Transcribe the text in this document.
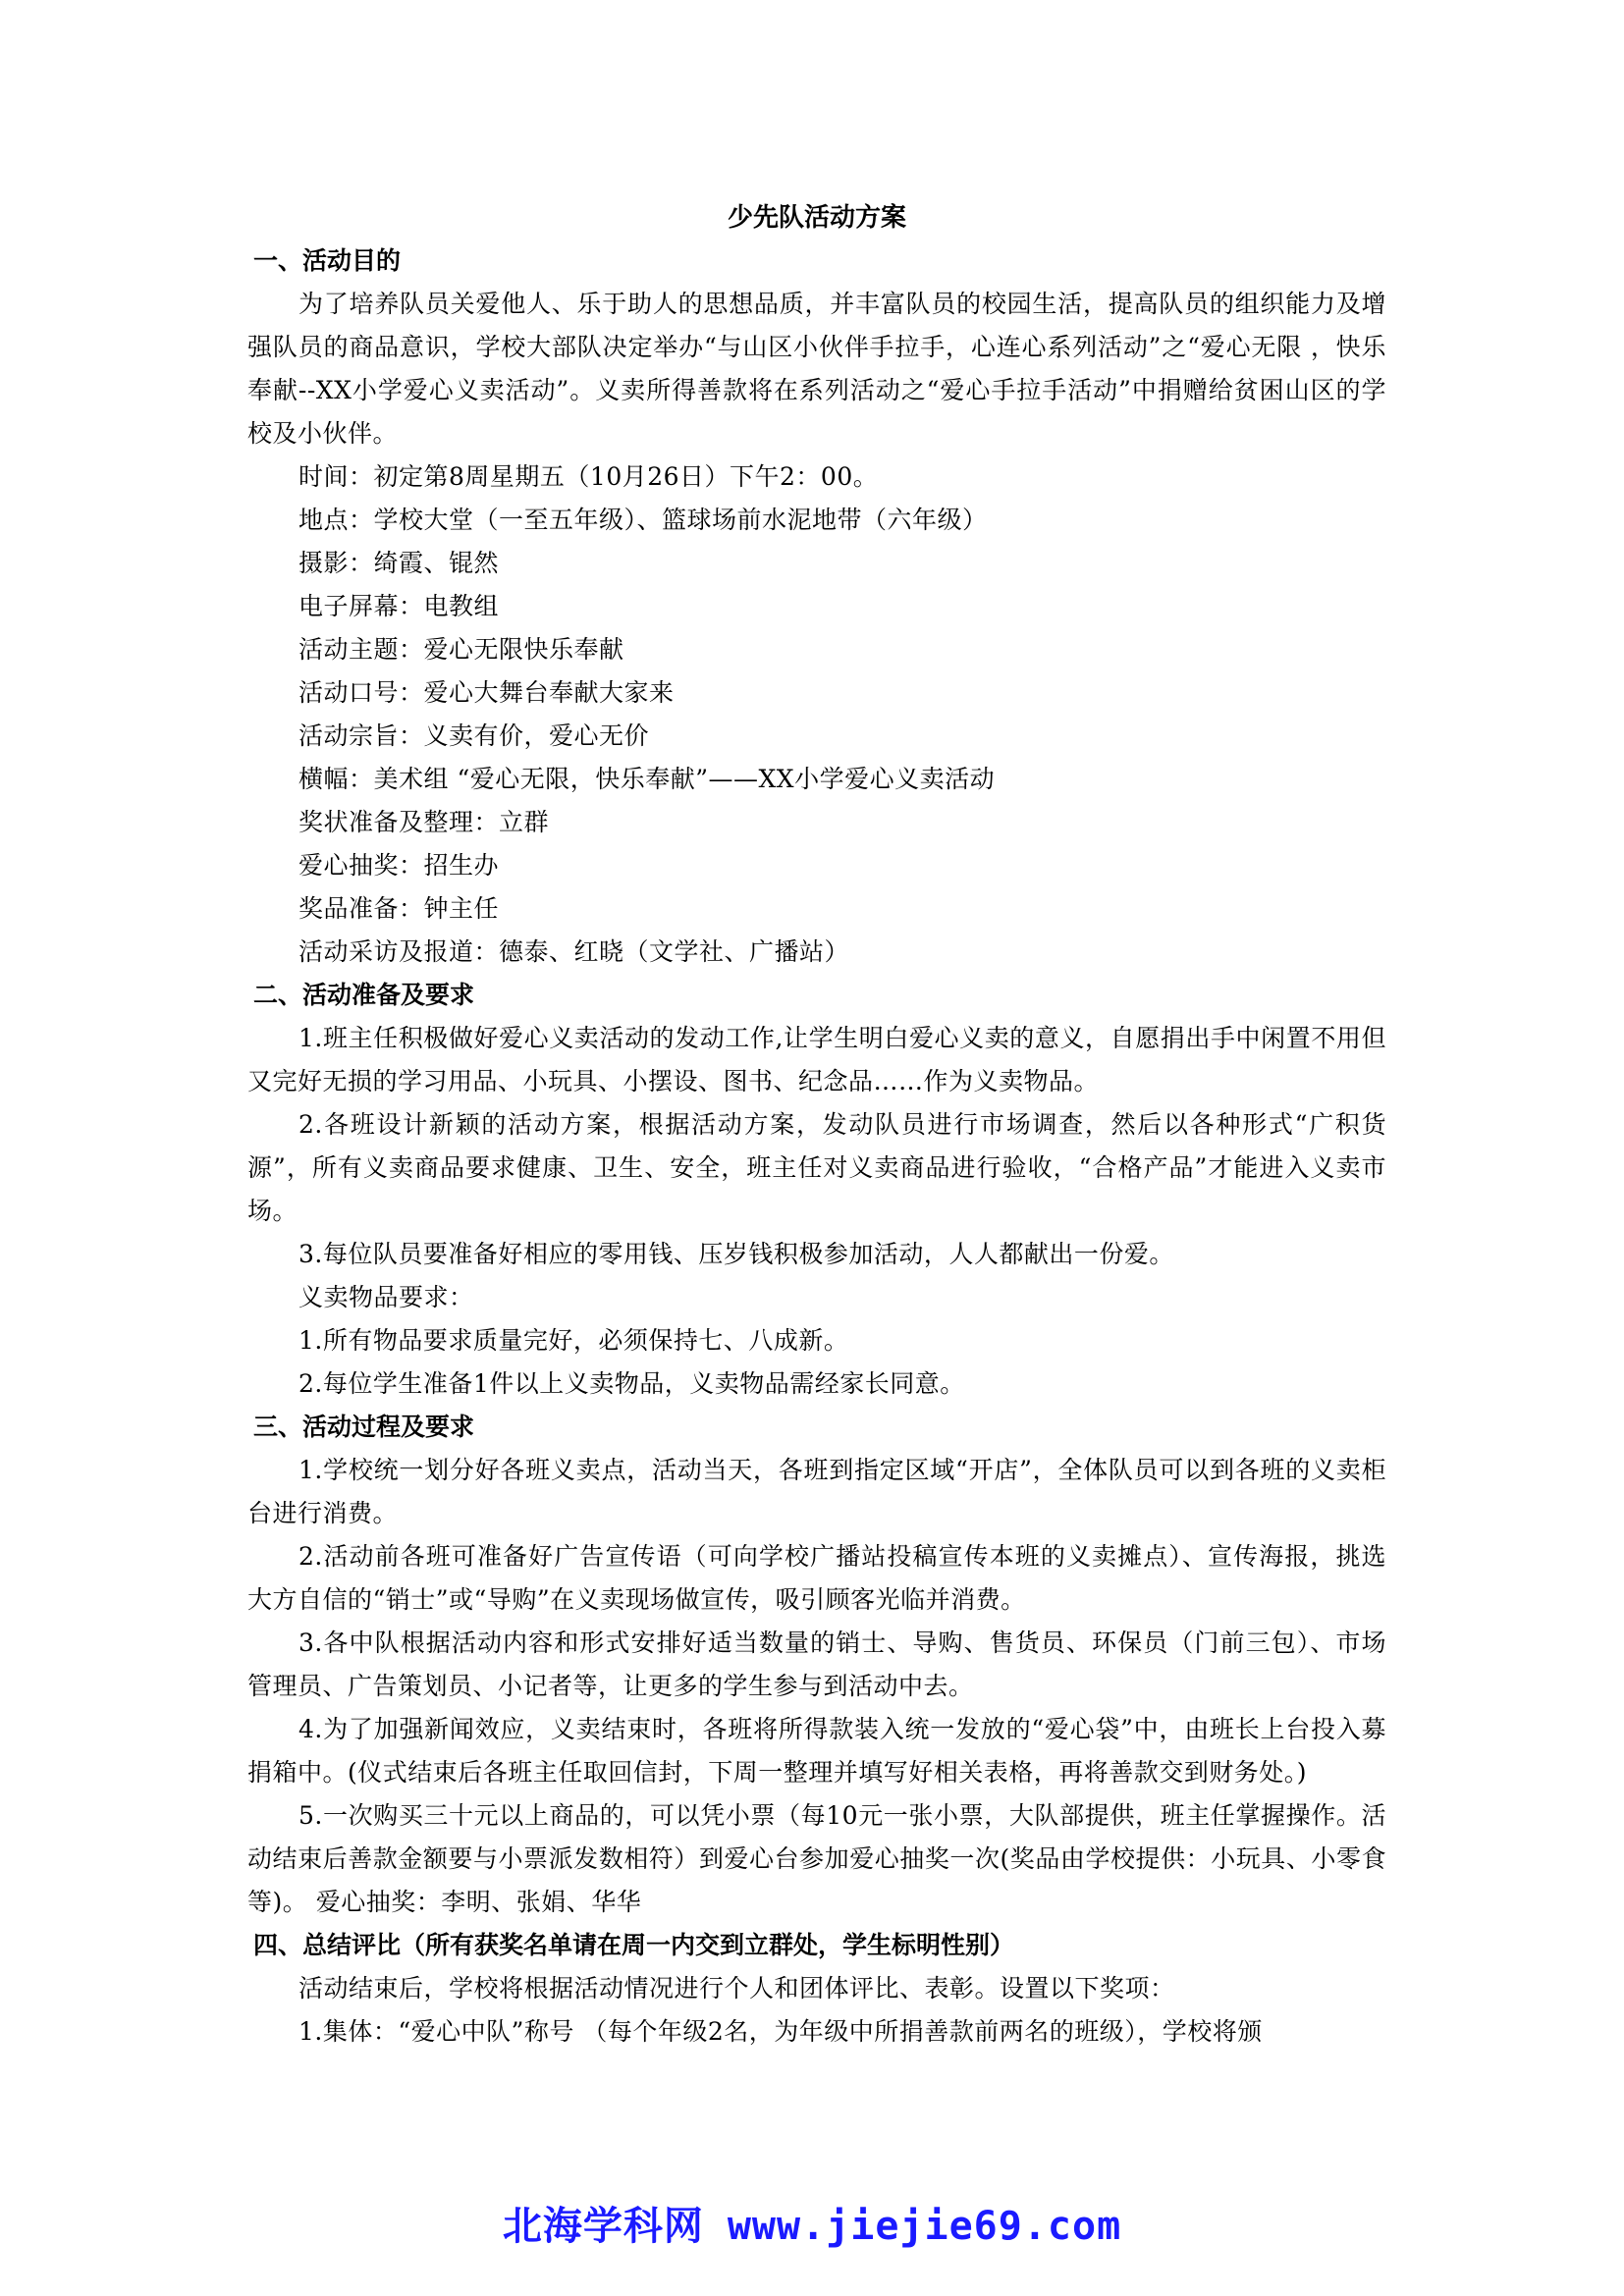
少先队活动方案
一、活动目的

为了培养队员关爱他人、乐于助人的思想品质，并丰富队员的校园生活，提高队员的组织能力及增强队员的商品意识，学校大部队决定举办“与山区小伙伴手拉手，心连心系列活动”之“爱心无限 ，快乐奉献--XX小学爱心义卖活动”。义卖所得善款将在系列活动之“爱心手拉手活动”中捐赠给贫困山区的学校及小伙伴。

时间：初定第8周星期五（10月26日）下午2：00。

地点：学校大堂（一至五年级）、篮球场前水泥地带（六年级）

摄影：绮霞、锟然

电子屏幕：电教组

活动主题：爱心无限快乐奉献

活动口号：爱心大舞台奉献大家来

活动宗旨：义卖有价，爱心无价

横幅：美术组 “爱心无限，快乐奉献”——XX小学爱心义卖活动

奖状准备及整理：立群

爱心抽奖：招生办

奖品准备：钟主任

活动采访及报道：德泰、红晓（文学社、广播站）

二、活动准备及要求

1.班主任积极做好爱心义卖活动的发动工作,让学生明白爱心义卖的意义，自愿捐出手中闲置不用但又完好无损的学习用品、小玩具、小摆设、图书、纪念品……作为义卖物品。

2.各班设计新颖的活动方案，根据活动方案，发动队员进行市场调查，然后以各种形式“广积货源”，所有义卖商品要求健康、卫生、安全，班主任对义卖商品进行验收，“合格产品”才能进入义卖市场。

3.每位队员要准备好相应的零用钱、压岁钱积极参加活动，人人都献出一份爱。

义卖物品要求：

1.所有物品要求质量完好，必须保持七、八成新。

2.每位学生准备1件以上义卖物品，义卖物品需经家长同意。

三、活动过程及要求

1.学校统一划分好各班义卖点，活动当天，各班到指定区域“开店”，全体队员可以到各班的义卖柜台进行消费。

2.活动前各班可准备好广告宣传语（可向学校广播站投稿宣传本班的义卖摊点）、宣传海报，挑选大方自信的“销士”或“导购”在义卖现场做宣传，吸引顾客光临并消费。

3.各中队根据活动内容和形式安排好适当数量的销士、导购、售货员、环保员（门前三包）、市场管理员、广告策划员、小记者等，让更多的学生参与到活动中去。

4.为了加强新闻效应，义卖结束时，各班将所得款装入统一发放的“爱心袋”中，由班长上台投入募捐箱中。(仪式结束后各班主任取回信封，下周一整理并填写好相关表格，再将善款交到财务处。)

5.一次购买三十元以上商品的，可以凭小票（每10元一张小票，大队部提供，班主任掌握操作。活动结束后善款金额要与小票派发数相符）到爱心台参加爱心抽奖一次(奖品由学校提供：小玩具、小零食等)。 爱心抽奖：李明、张娟、华华

四、总结评比（所有获奖名单请在周一内交到立群处，学生标明性别）

活动结束后，学校将根据活动情况进行个人和团体评比、表彰。设置以下奖项：

1.集体：“爱心中队”称号 （每个年级2名，为年级中所捐善款前两名的班级），学校将颁

北海学科网 www.jiejie69.com
